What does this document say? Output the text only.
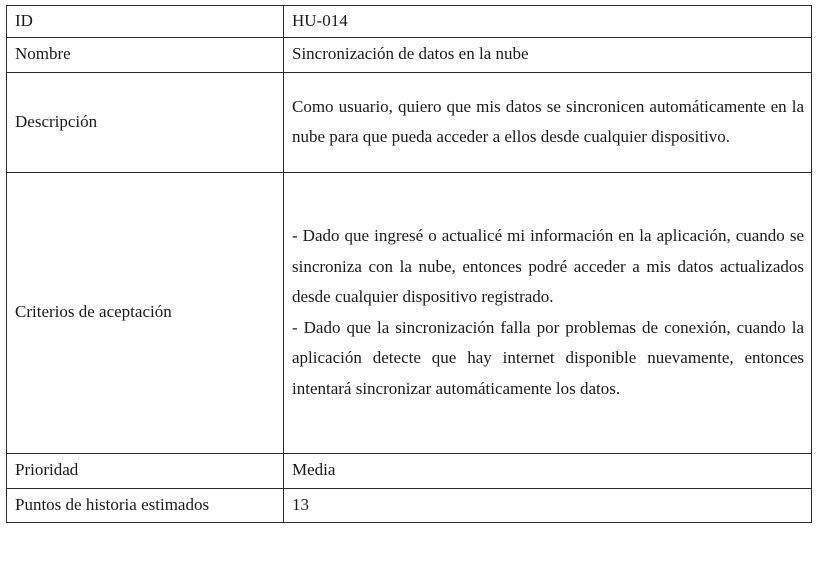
ID	HU-014
Nombre	Sincronización de datos en la nube
Descripción	Como usuario, quiero que mis datos se sincronicen automáticamente en la nube para que pueda acceder a ellos desde cualquier dispositivo.
Criterios de aceptación	- Dado que ingresé o actualicé mi información en la aplicación, cuando se sincroniza con la nube, entonces podré acceder a mis datos actualizados desde cualquier dispositivo registrado.
- Dado que la sincronización falla por problemas de conexión, cuando la aplicación detecte que hay internet disponible nuevamente, entonces intentará sincronizar automáticamente los datos.

Prioridad	Media
Puntos de historia estimados	13
